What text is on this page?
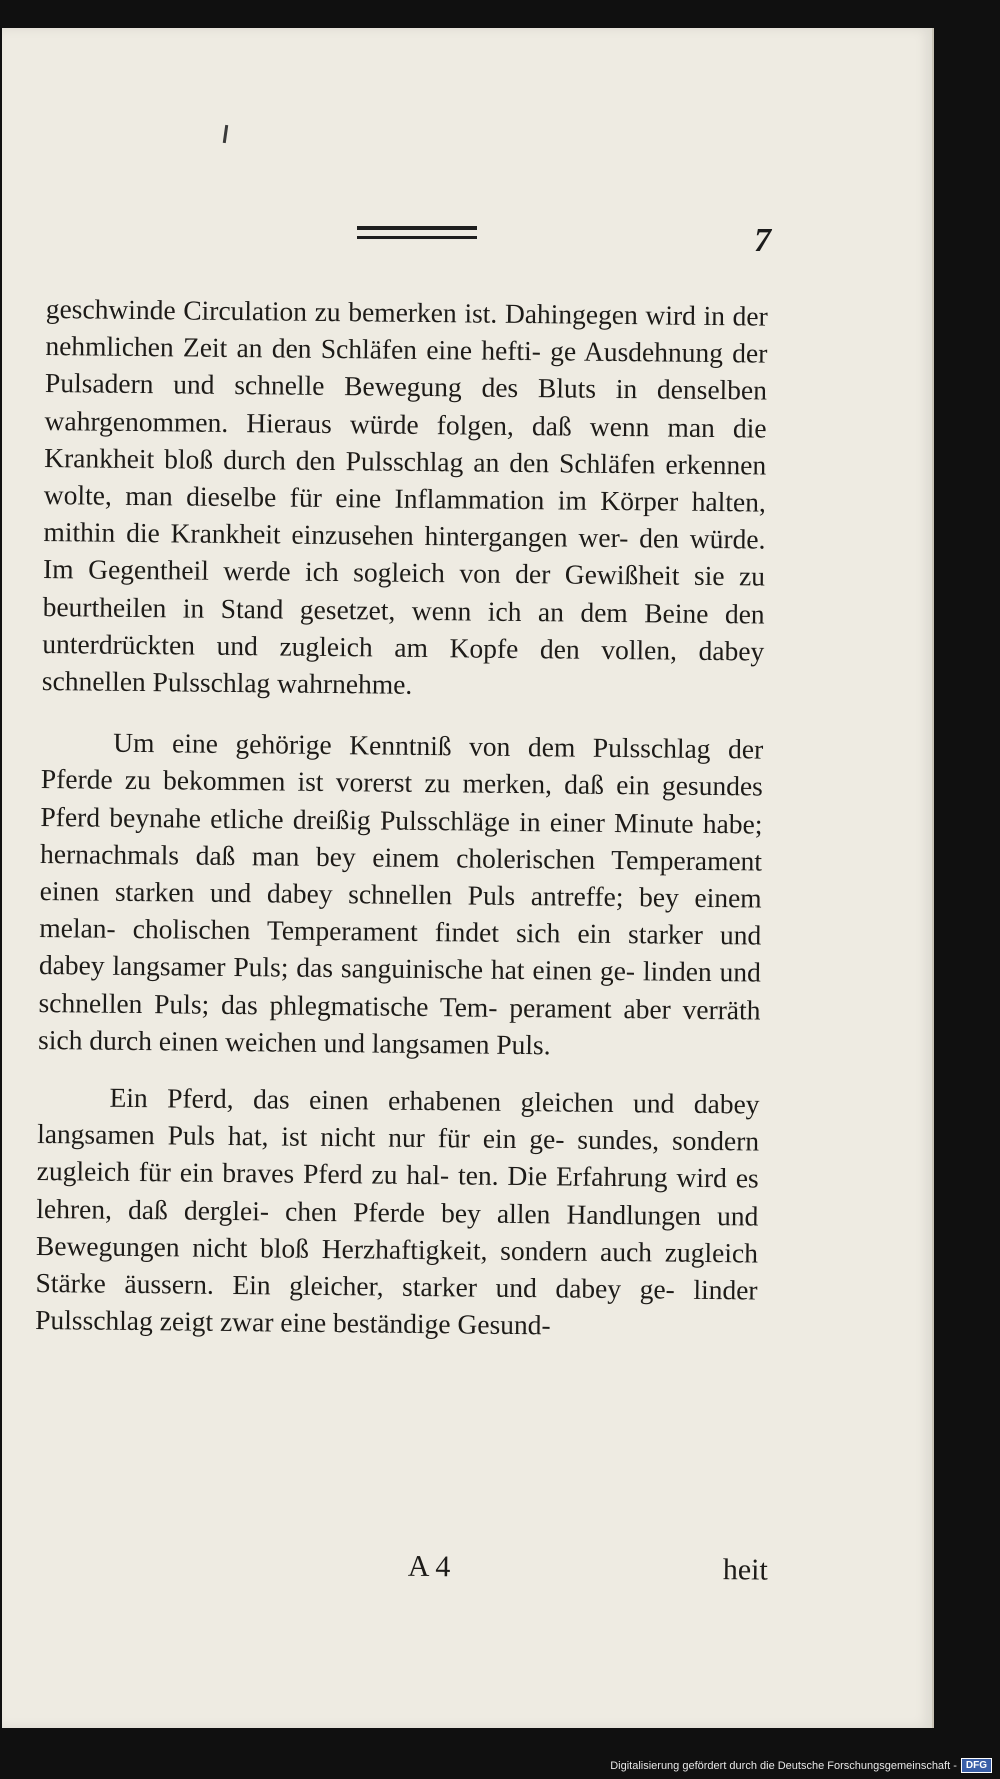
7

geschwinde Circulation zu bemerken ist. Dahingegen wird in der nehmlichen Zeit an den Schläfen eine hefti- ge Ausdehnung der Pulsadern und schnelle Bewegung des Bluts in denselben wahrgenommen. Hieraus würde folgen, daß wenn man die Krankheit bloß durch den Pulsschlag an den Schläfen erkennen wolte, man dieselbe für eine Inflammation im Körper halten, mithin die Krankheit einzusehen hintergangen wer- den würde. Im Gegentheil werde ich sogleich von der Gewißheit sie zu beurtheilen in Stand gesetzet, wenn ich an dem Beine den unterdrückten und zugleich am Kopfe den vollen, dabey schnellen Pulsschlag wahrnehme.

Um eine gehörige Kenntniß von dem Pulsschlag der Pferde zu bekommen ist vorerst zu merken, daß ein gesundes Pferd beynahe etliche dreißig Pulsschläge in einer Minute habe; hernachmals daß man bey einem cholerischen Temperament einen starken und dabey schnellen Puls antreffe; bey einem melan- cholischen Temperament findet sich ein starker und dabey langsamer Puls; das sanguinische hat einen ge- linden und schnellen Puls; das phlegmatische Tem- perament aber verräth sich durch einen weichen und langsamen Puls.

Ein Pferd, das einen erhabenen gleichen und dabey langsamen Puls hat, ist nicht nur für ein ge- sundes, sondern zugleich für ein braves Pferd zu hal- ten. Die Erfahrung wird es lehren, daß derglei- chen Pferde bey allen Handlungen und Bewegungen nicht bloß Herzhaftigkeit, sondern auch zugleich Stärke äussern. Ein gleicher, starker und dabey ge- linder Pulsschlag zeigt zwar eine beständige Gesund-

A 4	heit
Digitalisierung gefördert durch die Deutsche Forschungsgemeinschaft - DFG
